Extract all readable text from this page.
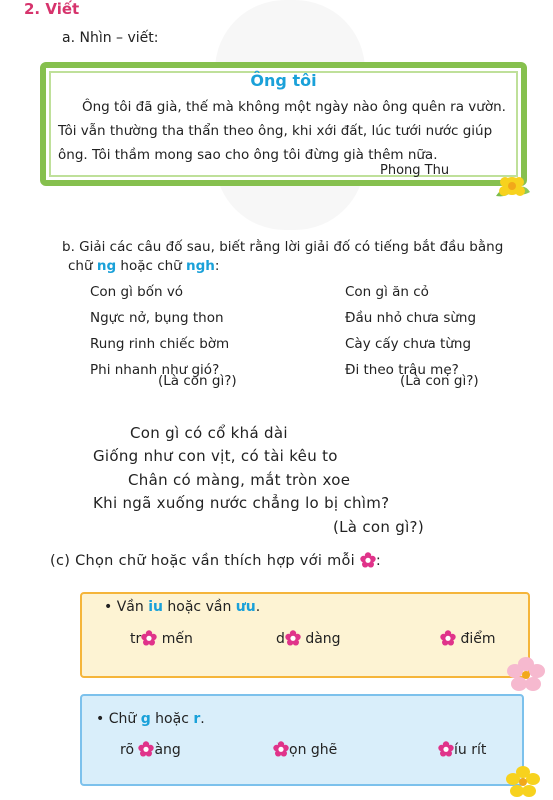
2. Viết
a. Nhìn – viết:
Ông tôi
Ông tôi đã già, thế mà không một ngày nào ông quên ra vườn. Tôi vẫn thường tha thẩn theo ông, khi xới đất, lúc tưới nước giúp ông. Tôi thầm mong sao cho ông tôi đừng già thêm nữa.
Phong Thu
b. Giải các câu đố sau, biết rằng lời giải đố có tiếng bắt đầu bằng
chữ ng hoặc chữ ngh:
Con gì bốn vó
Ngực nở, bụng thon
Rung rinh chiếc bờm
Phi nhanh như gió?
(Là con gì?)
Con gì ăn cỏ
Đầu nhỏ chưa sừng
Cày cấy chưa từng
Đi theo trâu mẹ?
(Là con gì?)
Con gì có cổ khá dài
Giống như con vịt, có tài kêu to
Chân có màng, mắt tròn xoe
Khi ngã xuống nước chẳng lo bị chìm?
(Là con gì?)
(c) Chọn chữ hoặc vần thích hợp với mỗi :
• Vần iu hoặc vần ưu.
tr mến	d dàng	điểm
• Chữ g hoặc r.
rõ àng	ọn ghẽ	íu rít
